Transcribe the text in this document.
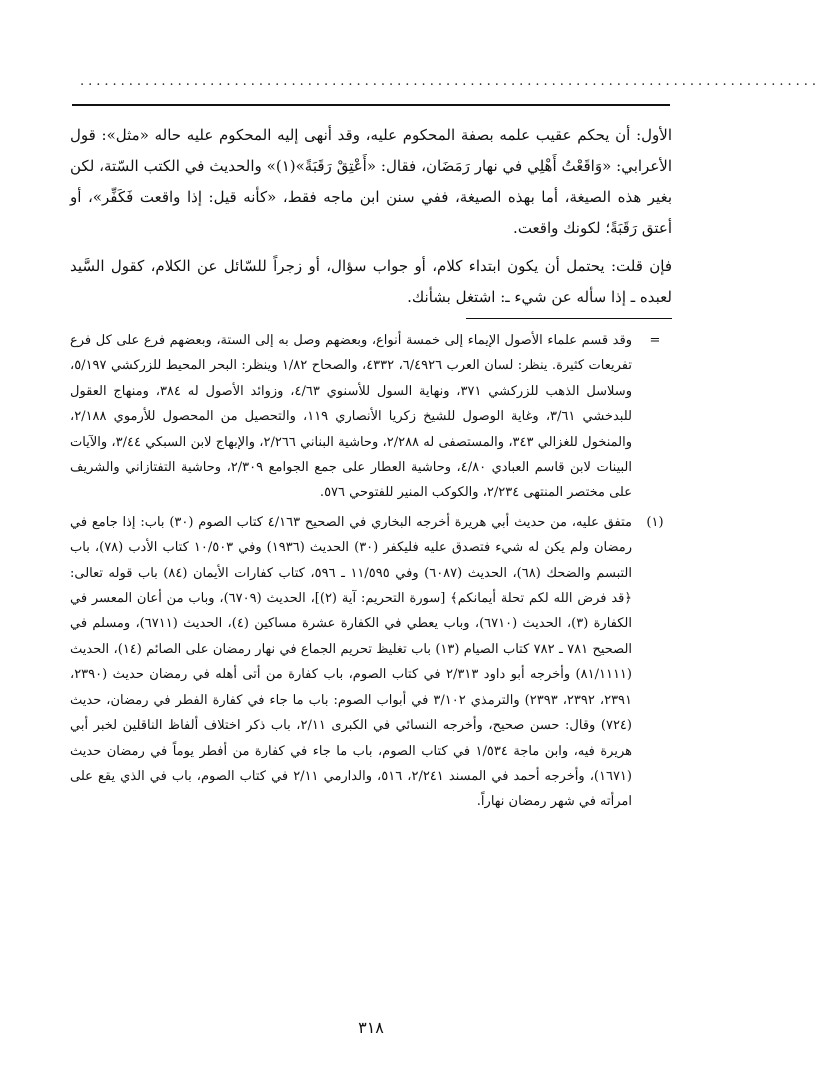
...........................................................................................

الأول: أن يحكم عقيب علمه بصفة المحكوم عليه، وقد أنهى إليه المحكوم عليه حاله «مثل»: قول الأعرابي: «وَاقَعْتُ أَهْلِي في نهار رَمَضَان، فقال: «أَعْتِقْ رَقَبَةً»(١)» والحديث في الكتب السّتة، لكن بغير هذه الصيغة، أما بهذه الصيغة، ففي سنن ابن ماجه فقط، «كأنه قيل: إذا واقعت فَكَفِّر»، أو أعتق رَقَبَةً؛ لكونك واقعت.

فإن قلت: يحتمل أن يكون ابتداء كلام، أو جواب سؤال، أو زجراً للسّائل عن الكلام، كقول السَّيد لعبده ـ إذا سأله عن شيء ـ: اشتغل بشأنك.

=
وقد قسم علماء الأصول الإيماء إلى خمسة أنواع، وبعضهم وصل به إلى الستة، وبعضهم فرع على كل فرع تفريعات كثيرة. ينظر: لسان العرب ٦/٤٩٢٦، ٤٣٣٢، والصحاح ١/٨٢ وينظر: البحر المحيط للزركشي ٥/١٩٧، وسلاسل الذهب للزركشي ٣٧١، ونهاية السول للأسنوي ٤/٦٣، وزوائد الأصول له ٣٨٤، ومنهاج العقول للبدخشي ٣/٦١، وغاية الوصول للشيخ زكريا الأنصاري ١١٩، والتحصيل من المحصول للأرموي ٢/١٨٨، والمنخول للغزالي ٣٤٣، والمستصفى له ٢/٢٨٨، وحاشية البناني ٢/٢٦٦، والإبهاج لابن السبكي ٣/٤٤، والآيات البينات لابن قاسم العبادي ٤/٨٠، وحاشية العطار على جمع الجوامع ٢/٣٠٩، وحاشية التفتازاني والشريف على مختصر المنتهى ٢/٢٣٤، والكوكب المنير للفتوحي ٥٧٦.
(١)
متفق عليه، من حديث أبي هريرة أخرجه البخاري في الصحيح ٤/١٦٣ كتاب الصوم (٣٠) باب: إذا جامع في رمضان ولم يكن له شيء فتصدق عليه فليكفر (٣٠) الحديث (١٩٣٦) وفي ١٠/٥٠٣ كتاب الأدب (٧٨)، باب التبسم والضحك (٦٨)، الحديث (٦٠٨٧) وفي ١١/٥٩٥ ـ ٥٩٦، كتاب كفارات الأيمان (٨٤) باب قوله تعالى: ﴿قد فرض الله لكم تحلة أيمانكم﴾ [سورة التحريم: آية (٢)]، الحديث (٦٧٠٩)، وباب من أعان المعسر في الكفارة (٣)، الحديث (٦٧١٠)، وباب يعطي في الكفارة عشرة مساكين (٤)، الحديث (٦٧١١)، ومسلم في الصحيح ٧٨١ ـ ٧٨٢ كتاب الصيام (١٣) باب تغليظ تحريم الجماع في نهار رمضان على الصائم (١٤)، الحديث (٨١/١١١١) وأخرجه أبو داود ٢/٣١٣ في كتاب الصوم، باب كفارة من أتى أهله في رمضان حديث (٢٣٩٠، ٢٣٩١، ٢٣٩٢، ٢٣٩٣) والترمذي ٣/١٠٢ في أبواب الصوم: باب ما جاء في كفارة الفطر في رمضان، حديث (٧٢٤) وقال: حسن صحيح، وأخرجه النسائي في الكبرى ٢/١١، باب ذكر اختلاف ألفاظ الناقلين لخبر أبي هريرة فيه، وابن ماجة ١/٥٣٤ في كتاب الصوم، باب ما جاء في كفارة من أفطر يوماً في رمضان حديث (١٦٧١)، وأخرجه أحمد في المسند ٢/٢٤١، ٥١٦، والدارمي ٢/١١ في كتاب الصوم، باب في الذي يقع على امرأته في شهر رمضان نهاراً.
٣١٨
